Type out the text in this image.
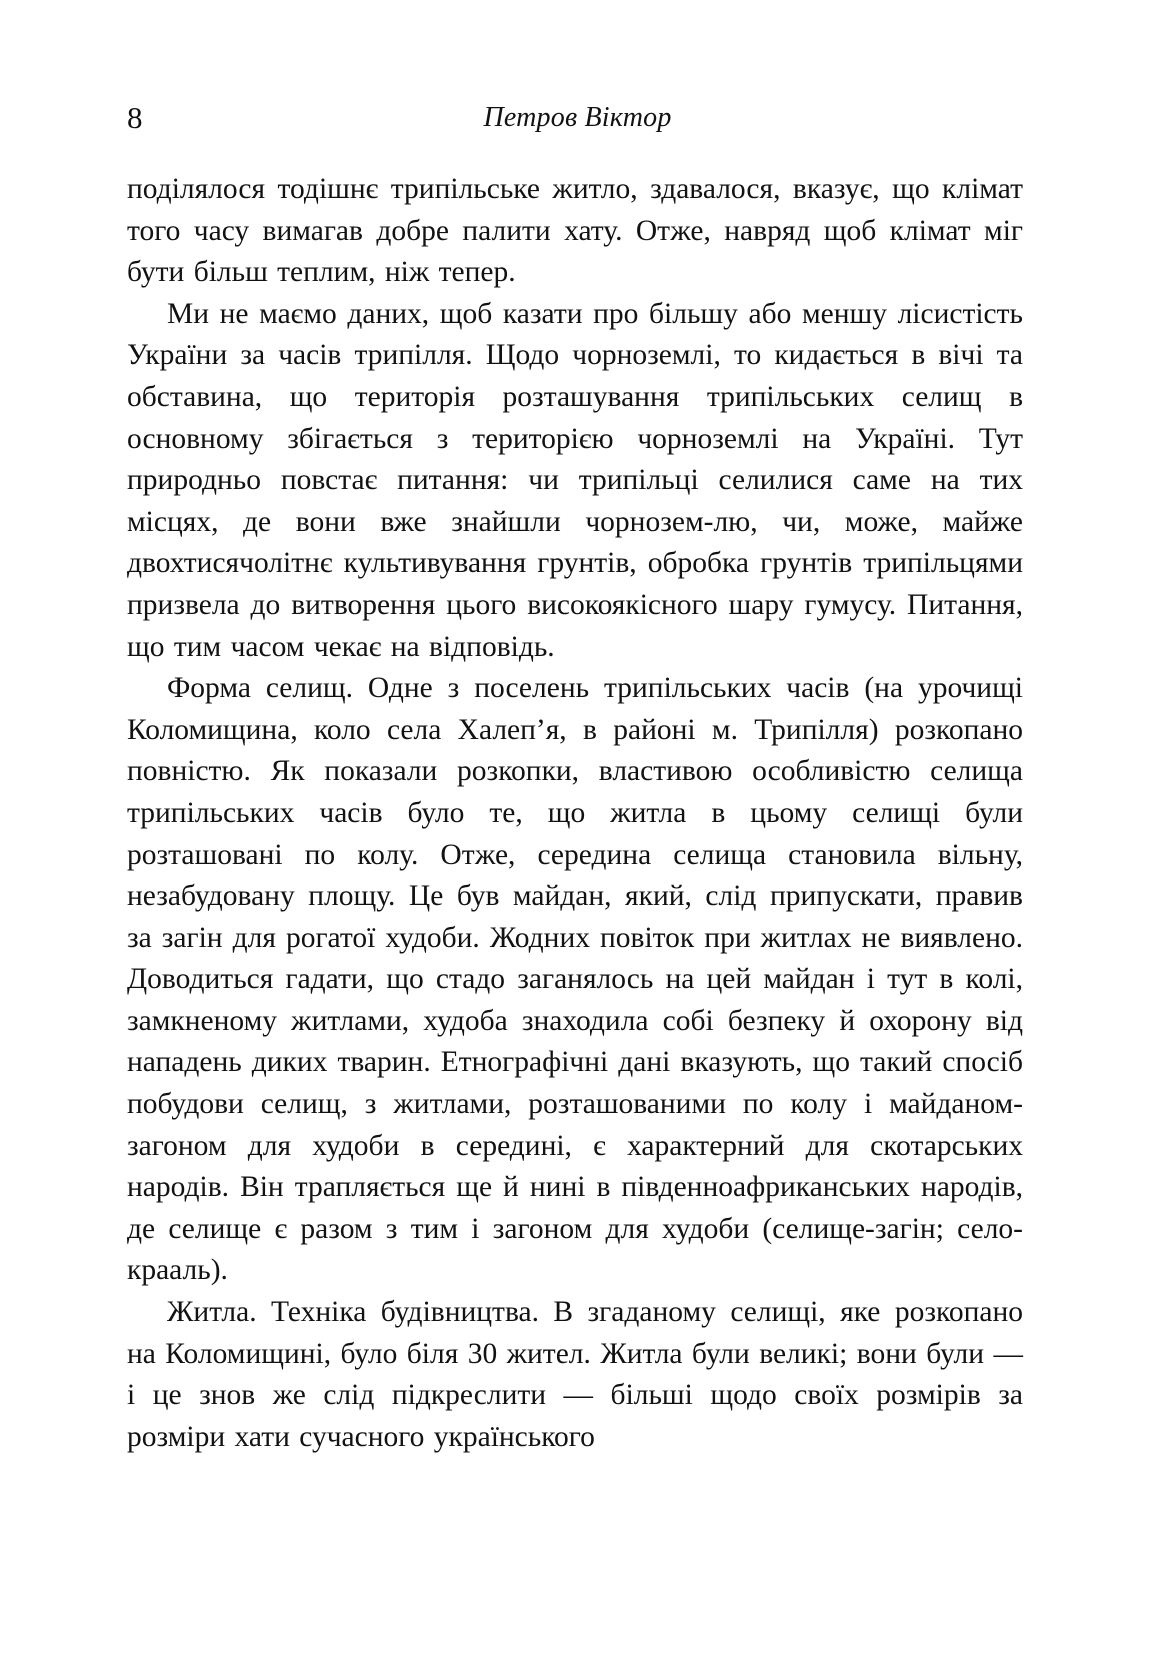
8	Петров Віктор

поділялося тодішнє трипільське житло, здавалося, вказує, що клімат того часу вимагав добре палити хату. Отже, навряд щоб клімат міг бути більш теплим, ніж тепер.

Ми не маємо даних, щоб казати про більшу або меншу лісистість України за часів трипілля. Щодо чорноземлі, то кидається в вічі та обставина, що територія розташування трипільських селищ в основному збігається з територією чорноземлі на Україні. Тут природньо повстає питання: чи трипільці селилися саме на тих місцях, де вони вже знайшли чорнозем-лю, чи, може, майже двохтисячолітнє культивування грунтів, обробка грунтів трипільцями призвела до витворення цього високоякісного шару гумусу. Питання, що тим часом чекає на відповідь.

Форма селищ. Одне з поселень трипільських часів (на урочищі Коломищина, коло села Халеп’я, в районі м. Трипілля) розкопано повністю. Як показали розкопки, властивою особливістю селища трипільських часів було те, що житла в цьому селищі були розташовані по колу. Отже, середина селища становила вільну, незабудовану площу. Це був майдан, який, слід припускати, правив за загін для рогатої худоби. Жодних повіток при житлах не виявлено. Доводиться гадати, що стадо заганялось на цей майдан і тут в колі, замкненому житлами, худоба знаходила собі безпеку й охорону від нападень диких тварин. Етнографічні дані вказують, що такий спосіб побудови селищ, з житлами, розташованими по колу і майданом-загоном для худоби в середині, є характерний для скотарських народів. Він трапляється ще й нині в південноафриканських народів, де селище є разом з тим і загоном для худоби (селище-загін; село-крааль).

Житла. Техніка будівництва. В згаданому селищі, яке розкопано на Коломищині, було біля 30 жител. Житла були великі; вони були — і це знов же слід підкреслити — більші щодо своїх розмірів за розміри хати сучасного українського
